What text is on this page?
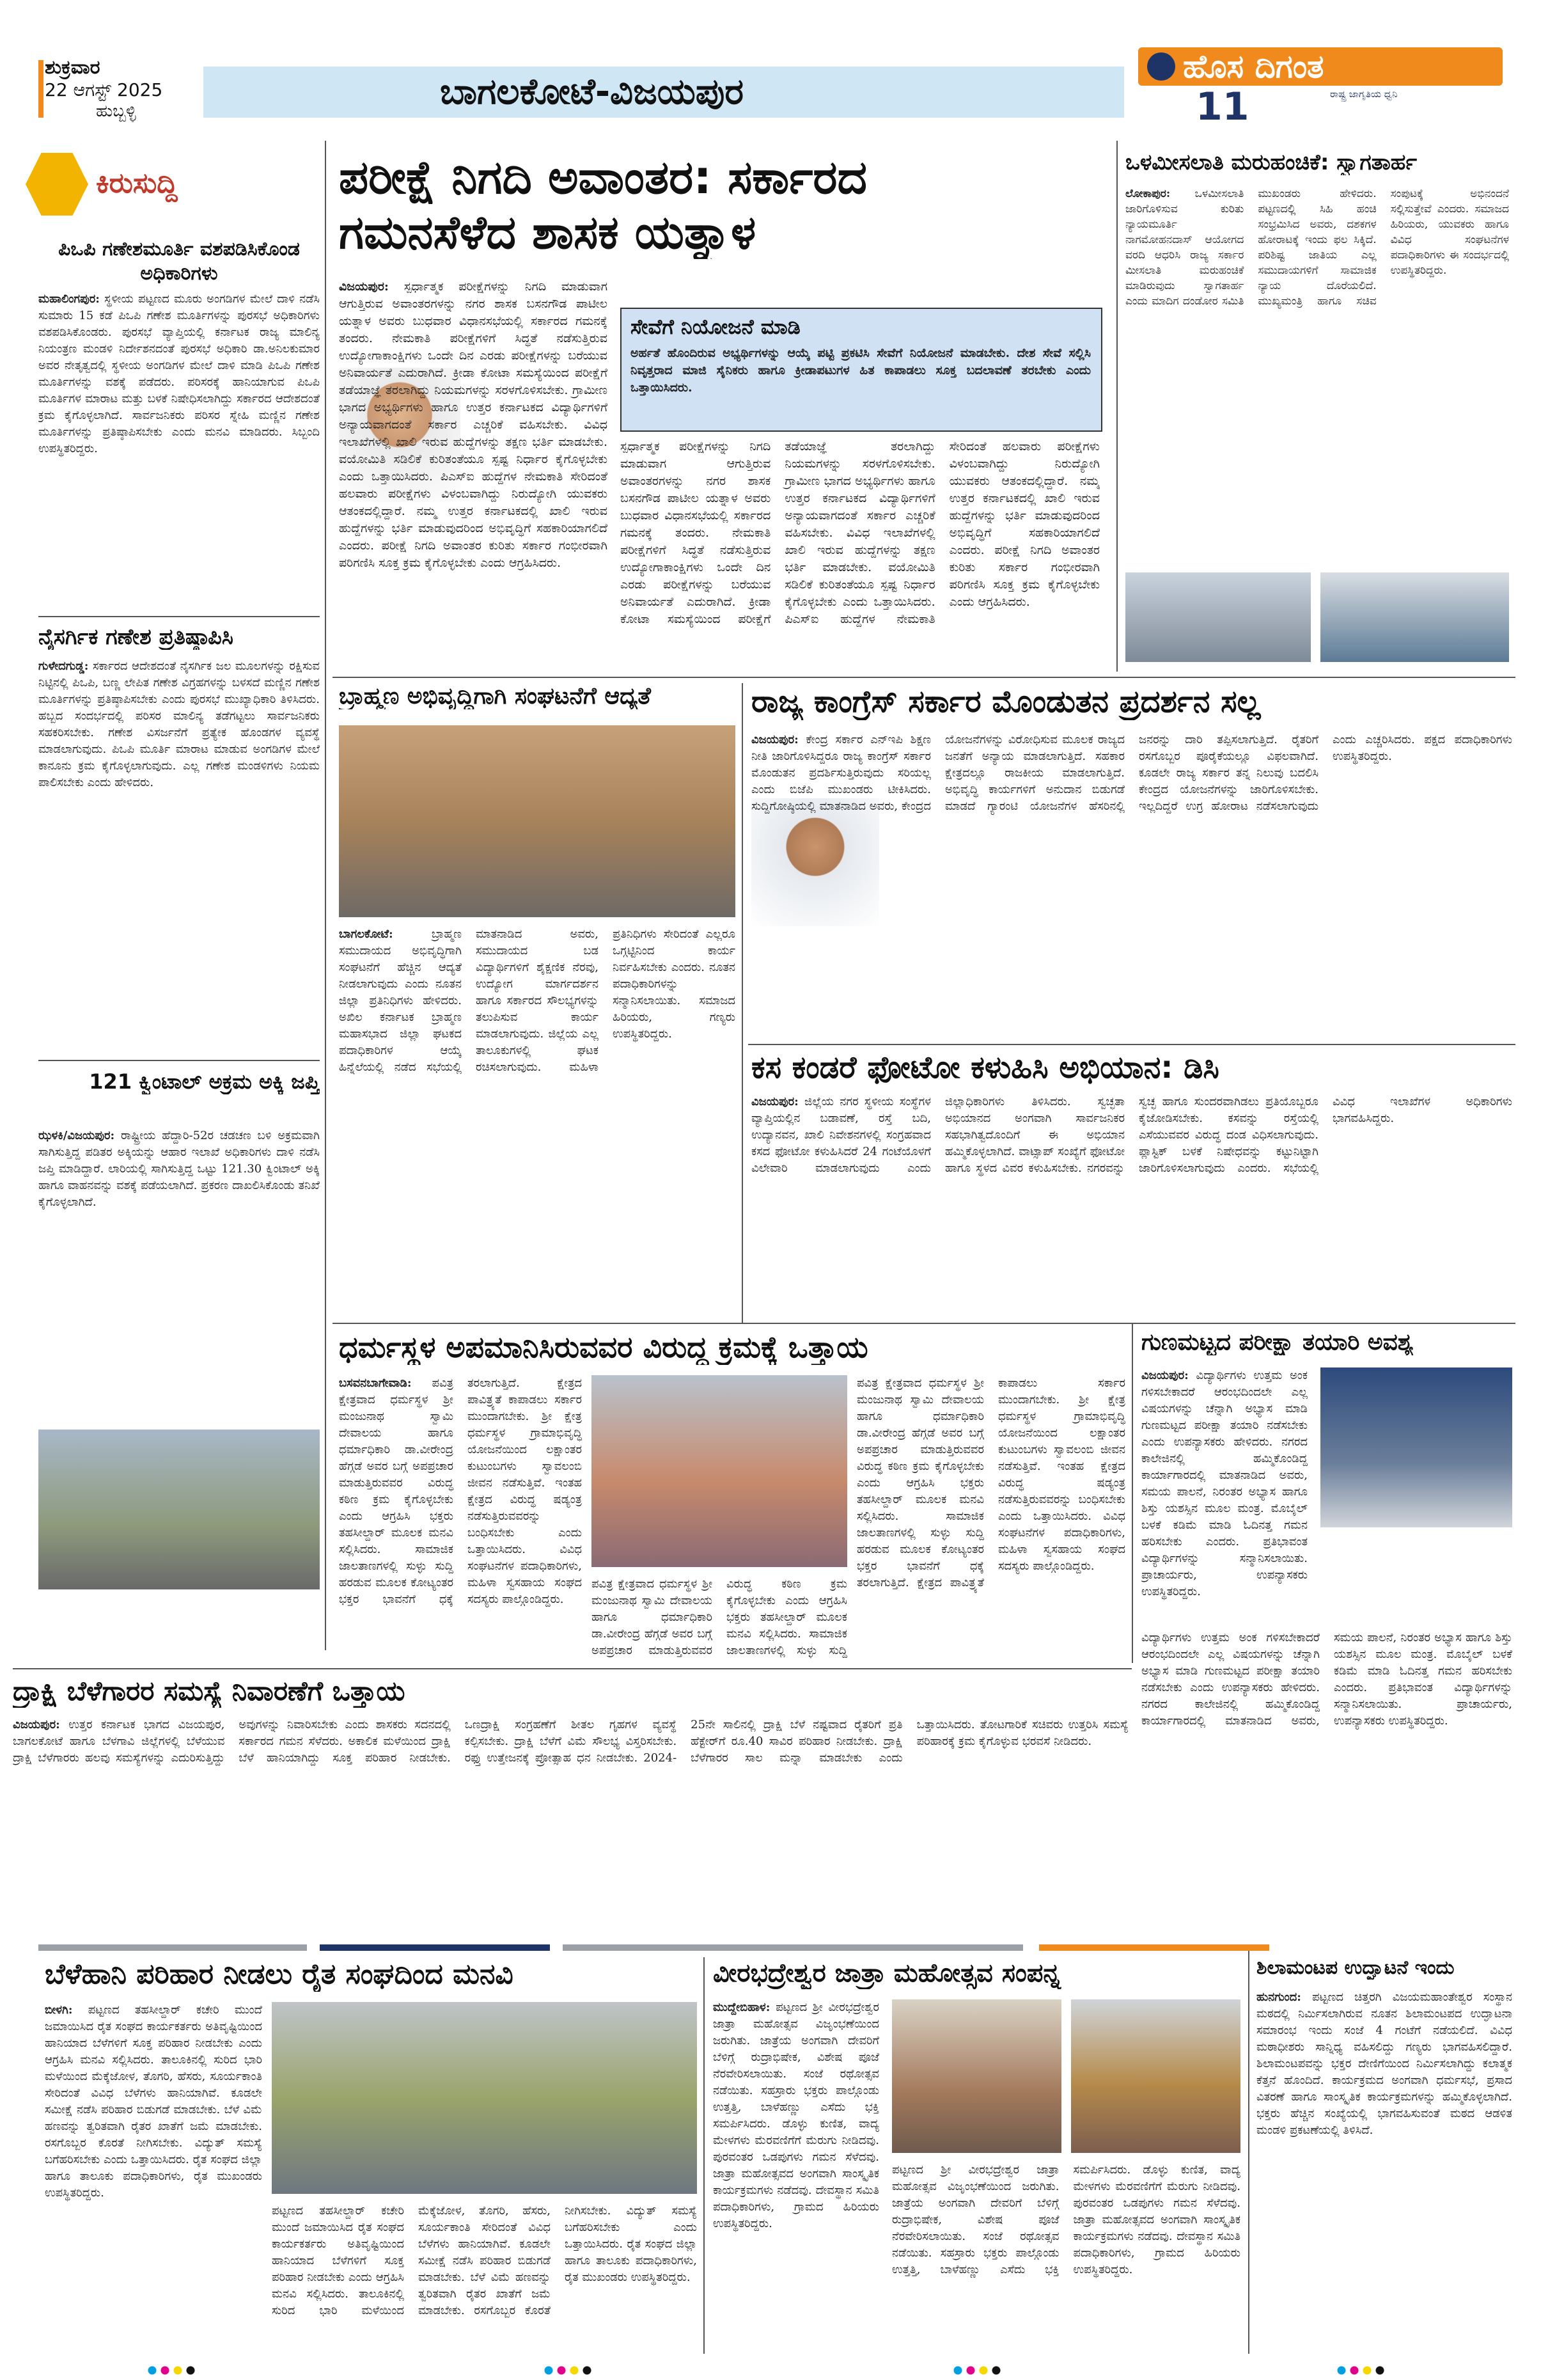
ಶುಕ್ರವಾರ
22 ಆಗಸ್ಟ್ 2025
ಹುಬ್ಬಳ್ಳಿ	ಬಾಗಲಕೋಟೆ-ವಿಜಯಪುರ
ಹೊಸ ದಿಗಂತ
ರಾಷ್ಟ್ರ ಜಾಗೃತಿಯ ಧ್ವನಿ
11
ಕಿರುಸುದ್ದಿ
ಪಿಒಪಿ ಗಣೇಶಮೂರ್ತಿ ವಶಪಡಿಸಿಕೊಂಡ ಅಧಿಕಾರಿಗಳು
ಮಹಾಲಿಂಗಪುರ: ಸ್ಥಳೀಯ ಪಟ್ಟಣದ ಮೂರು ಅಂಗಡಿಗಳ ಮೇಲೆ ದಾಳಿ ನಡೆಸಿ ಸುಮಾರು 15 ಕಡೆ ಪಿಒಪಿ ಗಣೇಶ ಮೂರ್ತಿಗಳನ್ನು ಪುರಸಭೆ ಅಧಿಕಾರಿಗಳು ವಶಪಡಿಸಿಕೊಂಡರು. ಪುರಸಭೆ ವ್ಯಾಪ್ತಿಯಲ್ಲಿ ಕರ್ನಾಟಕ ರಾಜ್ಯ ಮಾಲಿನ್ಯ ನಿಯಂತ್ರಣ ಮಂಡಳಿ ನಿರ್ದೇಶನದಂತೆ ಪುರಸಭೆ ಅಧಿಕಾರಿ ಡಾ.ಅನಿಲಕುಮಾರ ಅವರ ನೇತೃತ್ವದಲ್ಲಿ ಸ್ಥಳೀಯ ಅಂಗಡಿಗಳ ಮೇಲೆ ದಾಳಿ ಮಾಡಿ ಪಿಒಪಿ ಗಣೇಶ ಮೂರ್ತಿಗಳನ್ನು ವಶಕ್ಕೆ ಪಡೆದರು. ಪರಿಸರಕ್ಕೆ ಹಾನಿಯಾಗುವ ಪಿಒಪಿ ಮೂರ್ತಿಗಳ ಮಾರಾಟ ಮತ್ತು ಬಳಕೆ ನಿಷೇಧಿಸಲಾಗಿದ್ದು ಸರ್ಕಾರದ ಆದೇಶದಂತೆ ಕ್ರಮ ಕೈಗೊಳ್ಳಲಾಗಿದೆ. ಸಾರ್ವಜನಿಕರು ಪರಿಸರ ಸ್ನೇಹಿ ಮಣ್ಣಿನ ಗಣೇಶ ಮೂರ್ತಿಗಳನ್ನು ಪ್ರತಿಷ್ಠಾಪಿಸಬೇಕು ಎಂದು ಮನವಿ ಮಾಡಿದರು. ಸಿಬ್ಬಂದಿ ಉಪಸ್ಥಿತರಿದ್ದರು.
ನೈಸರ್ಗಿಕ ಗಣೇಶ ಪ್ರತಿಷ್ಠಾಪಿಸಿ
ಗುಳೇದಗುಡ್ಡ: ಸರ್ಕಾರದ ಆದೇಶದಂತೆ ನೈಸರ್ಗಿಕ ಜಲ ಮೂಲಗಳನ್ನು ರಕ್ಷಿಸುವ ನಿಟ್ಟಿನಲ್ಲಿ ಪಿಒಪಿ, ಬಣ್ಣ ಲೇಪಿತ ಗಣೇಶ ವಿಗ್ರಹಗಳನ್ನು ಬಳಸದೆ ಮಣ್ಣಿನ ಗಣೇಶ ಮೂರ್ತಿಗಳನ್ನು ಪ್ರತಿಷ್ಠಾಪಿಸಬೇಕು ಎಂದು ಪುರಸಭೆ ಮುಖ್ಯಾಧಿಕಾರಿ ತಿಳಿಸಿದರು. ಹಬ್ಬದ ಸಂದರ್ಭದಲ್ಲಿ ಪರಿಸರ ಮಾಲಿನ್ಯ ತಡೆಗಟ್ಟಲು ಸಾರ್ವಜನಿಕರು ಸಹಕರಿಸಬೇಕು. ಗಣೇಶ ವಿಸರ್ಜನೆಗೆ ಪ್ರತ್ಯೇಕ ಹೊಂಡಗಳ ವ್ಯವಸ್ಥೆ ಮಾಡಲಾಗುವುದು. ಪಿಒಪಿ ಮೂರ್ತಿ ಮಾರಾಟ ಮಾಡುವ ಅಂಗಡಿಗಳ ಮೇಲೆ ಕಾನೂನು ಕ್ರಮ ಕೈಗೊಳ್ಳಲಾಗುವುದು. ಎಲ್ಲ ಗಣೇಶ ಮಂಡಳಿಗಳು ನಿಯಮ ಪಾಲಿಸಬೇಕು ಎಂದು ಹೇಳಿದರು.
121 ಕ್ವಿಂಟಾಲ್ ಅಕ್ರಮ ಅಕ್ಕಿ ಜಪ್ತಿ
ಝಳಕಿ/ವಿಜಯಪುರ: ರಾಷ್ಟ್ರೀಯ ಹೆದ್ದಾರಿ-52ರ ಚಡಚಣ ಬಳಿ ಅಕ್ರಮವಾಗಿ ಸಾಗಿಸುತ್ತಿದ್ದ ಪಡಿತರ ಅಕ್ಕಿಯನ್ನು ಆಹಾರ ಇಲಾಖೆ ಅಧಿಕಾರಿಗಳು ದಾಳಿ ನಡೆಸಿ ಜಪ್ತಿ ಮಾಡಿದ್ದಾರೆ. ಲಾರಿಯಲ್ಲಿ ಸಾಗಿಸುತ್ತಿದ್ದ ಒಟ್ಟು 121.30 ಕ್ವಿಂಟಾಲ್ ಅಕ್ಕಿ ಹಾಗೂ ವಾಹನವನ್ನು ವಶಕ್ಕೆ ಪಡೆಯಲಾಗಿದೆ. ಪ್ರಕರಣ ದಾಖಲಿಸಿಕೊಂಡು ತನಿಖೆ ಕೈಗೊಳ್ಳಲಾಗಿದೆ.
ಪರೀಕ್ಷೆ ನಿಗದಿ ಅವಾಂತರ: ಸರ್ಕಾರದ
ಗಮನಸೆಳೆದ ಶಾಸಕ ಯತ್ನಾಳ
ವಿಜಯಪುರ: ಸ್ಪರ್ಧಾತ್ಮಕ ಪರೀಕ್ಷೆಗಳನ್ನು ನಿಗದಿ ಮಾಡುವಾಗ ಆಗುತ್ತಿರುವ ಅವಾಂತರಗಳನ್ನು ನಗರ ಶಾಸಕ ಬಸನಗೌಡ ಪಾಟೀಲ ಯತ್ನಾಳ ಅವರು ಬುಧವಾರ ವಿಧಾನಸಭೆಯಲ್ಲಿ ಸರ್ಕಾರದ ಗಮನಕ್ಕೆ ತಂದರು. ನೇಮಕಾತಿ ಪರೀಕ್ಷೆಗಳಿಗೆ ಸಿದ್ಧತೆ ನಡೆಸುತ್ತಿರುವ ಉದ್ಯೋಗಾಕಾಂಕ್ಷಿಗಳು ಒಂದೇ ದಿನ ಎರಡು ಪರೀಕ್ಷೆಗಳನ್ನು ಬರೆಯುವ ಅನಿವಾರ್ಯತೆ ಎದುರಾಗಿದೆ. ಕ್ರೀಡಾ ಕೋಟಾ ಸಮಸ್ಯೆಯಿಂದ ಪರೀಕ್ಷೆಗೆ ತಡೆಯಾಜ್ಞೆ ತರಲಾಗಿದ್ದು ನಿಯಮಗಳನ್ನು ಸರಳಗೊಳಿಸಬೇಕು. ಗ್ರಾಮೀಣ ಭಾಗದ ಅಭ್ಯರ್ಥಿಗಳು ಹಾಗೂ ಉತ್ತರ ಕರ್ನಾಟಕದ ವಿದ್ಯಾರ್ಥಿಗಳಿಗೆ ಅನ್ಯಾಯವಾಗದಂತೆ ಸರ್ಕಾರ ಎಚ್ಚರಿಕೆ ವಹಿಸಬೇಕು. ವಿವಿಧ ಇಲಾಖೆಗಳಲ್ಲಿ ಖಾಲಿ ಇರುವ ಹುದ್ದೆಗಳನ್ನು ತಕ್ಷಣ ಭರ್ತಿ ಮಾಡಬೇಕು. ವಯೋಮಿತಿ ಸಡಿಲಿಕೆ ಕುರಿತಂತೆಯೂ ಸ್ಪಷ್ಟ ನಿರ್ಧಾರ ಕೈಗೊಳ್ಳಬೇಕು ಎಂದು ಒತ್ತಾಯಿಸಿದರು. ಪಿಎಸ್ಐ ಹುದ್ದೆಗಳ ನೇಮಕಾತಿ ಸೇರಿದಂತೆ ಹಲವಾರು ಪರೀಕ್ಷೆಗಳು ವಿಳಂಬವಾಗಿದ್ದು ನಿರುದ್ಯೋಗಿ ಯುವಕರು ಆತಂಕದಲ್ಲಿದ್ದಾರೆ. ನಮ್ಮ ಉತ್ತರ ಕರ್ನಾಟಕದಲ್ಲಿ ಖಾಲಿ ಇರುವ ಹುದ್ದೆಗಳನ್ನು ಭರ್ತಿ ಮಾಡುವುದರಿಂದ ಅಭಿವೃದ್ಧಿಗೆ ಸಹಕಾರಿಯಾಗಲಿದೆ ಎಂದರು. ಪರೀಕ್ಷೆ ನಿಗದಿ ಅವಾಂತರ ಕುರಿತು ಸರ್ಕಾರ ಗಂಭೀರವಾಗಿ ಪರಿಗಣಿಸಿ ಸೂಕ್ತ ಕ್ರಮ ಕೈಗೊಳ್ಳಬೇಕು ಎಂದು ಆಗ್ರಹಿಸಿದರು.
ಸೇವೆಗೆ ನಿಯೋಜನೆ ಮಾಡಿ
ಅರ್ಹತೆ ಹೊಂದಿರುವ ಅಭ್ಯರ್ಥಿಗಳನ್ನು ಆಯ್ಕೆ ಪಟ್ಟಿ ಪ್ರಕಟಿಸಿ ಸೇವೆಗೆ ನಿಯೋಜನೆ ಮಾಡಬೇಕು. ದೇಶ ಸೇವೆ ಸಲ್ಲಿಸಿ ನಿವೃತ್ತರಾದ ಮಾಜಿ ಸೈನಿಕರು ಹಾಗೂ ಕ್ರೀಡಾಪಟುಗಳ ಹಿತ ಕಾಪಾಡಲು ಸೂಕ್ತ ಬದಲಾವಣೆ ತರಬೇಕು ಎಂದು ಒತ್ತಾಯಿಸಿದರು.
ಸ್ಪರ್ಧಾತ್ಮಕ ಪರೀಕ್ಷೆಗಳನ್ನು ನಿಗದಿ ಮಾಡುವಾಗ ಆಗುತ್ತಿರುವ ಅವಾಂತರಗಳನ್ನು ನಗರ ಶಾಸಕ ಬಸನಗೌಡ ಪಾಟೀಲ ಯತ್ನಾಳ ಅವರು ಬುಧವಾರ ವಿಧಾನಸಭೆಯಲ್ಲಿ ಸರ್ಕಾರದ ಗಮನಕ್ಕೆ ತಂದರು. ನೇಮಕಾತಿ ಪರೀಕ್ಷೆಗಳಿಗೆ ಸಿದ್ಧತೆ ನಡೆಸುತ್ತಿರುವ ಉದ್ಯೋಗಾಕಾಂಕ್ಷಿಗಳು ಒಂದೇ ದಿನ ಎರಡು ಪರೀಕ್ಷೆಗಳನ್ನು ಬರೆಯುವ ಅನಿವಾರ್ಯತೆ ಎದುರಾಗಿದೆ. ಕ್ರೀಡಾ ಕೋಟಾ ಸಮಸ್ಯೆಯಿಂದ ಪರೀಕ್ಷೆಗೆ ತಡೆಯಾಜ್ಞೆ ತರಲಾಗಿದ್ದು ನಿಯಮಗಳನ್ನು ಸರಳಗೊಳಿಸಬೇಕು. ಗ್ರಾಮೀಣ ಭಾಗದ ಅಭ್ಯರ್ಥಿಗಳು ಹಾಗೂ ಉತ್ತರ ಕರ್ನಾಟಕದ ವಿದ್ಯಾರ್ಥಿಗಳಿಗೆ ಅನ್ಯಾಯವಾಗದಂತೆ ಸರ್ಕಾರ ಎಚ್ಚರಿಕೆ ವಹಿಸಬೇಕು. ವಿವಿಧ ಇಲಾಖೆಗಳಲ್ಲಿ ಖಾಲಿ ಇರುವ ಹುದ್ದೆಗಳನ್ನು ತಕ್ಷಣ ಭರ್ತಿ ಮಾಡಬೇಕು. ವಯೋಮಿತಿ ಸಡಿಲಿಕೆ ಕುರಿತಂತೆಯೂ ಸ್ಪಷ್ಟ ನಿರ್ಧಾರ ಕೈಗೊಳ್ಳಬೇಕು ಎಂದು ಒತ್ತಾಯಿಸಿದರು. ಪಿಎಸ್ಐ ಹುದ್ದೆಗಳ ನೇಮಕಾತಿ ಸೇರಿದಂತೆ ಹಲವಾರು ಪರೀಕ್ಷೆಗಳು ವಿಳಂಬವಾಗಿದ್ದು ನಿರುದ್ಯೋಗಿ ಯುವಕರು ಆತಂಕದಲ್ಲಿದ್ದಾರೆ. ನಮ್ಮ ಉತ್ತರ ಕರ್ನಾಟಕದಲ್ಲಿ ಖಾಲಿ ಇರುವ ಹುದ್ದೆಗಳನ್ನು ಭರ್ತಿ ಮಾಡುವುದರಿಂದ ಅಭಿವೃದ್ಧಿಗೆ ಸಹಕಾರಿಯಾಗಲಿದೆ ಎಂದರು. ಪರೀಕ್ಷೆ ನಿಗದಿ ಅವಾಂತರ ಕುರಿತು ಸರ್ಕಾರ ಗಂಭೀರವಾಗಿ ಪರಿಗಣಿಸಿ ಸೂಕ್ತ ಕ್ರಮ ಕೈಗೊಳ್ಳಬೇಕು ಎಂದು ಆಗ್ರಹಿಸಿದರು.
ಒಳಮೀಸಲಾತಿ ಮರುಹಂಚಿಕೆ: ಸ್ವಾಗತಾರ್ಹ
ಲೋಕಾಪುರ: ಒಳಮೀಸಲಾತಿ ಜಾರಿಗೊಳಿಸುವ ಕುರಿತು ನ್ಯಾಯಮೂರ್ತಿ ನಾಗಮೋಹನದಾಸ್ ಆಯೋಗದ ವರದಿ ಆಧರಿಸಿ ರಾಜ್ಯ ಸರ್ಕಾರ ಮೀಸಲಾತಿ ಮರುಹಂಚಿಕೆ ಮಾಡಿರುವುದು ಸ್ವಾಗತಾರ್ಹ ಎಂದು ಮಾದಿಗ ದಂಡೋರ ಸಮಿತಿ ಮುಖಂಡರು ಹೇಳಿದರು. ಪಟ್ಟಣದಲ್ಲಿ ಸಿಹಿ ಹಂಚಿ ಸಂಭ್ರಮಿಸಿದ ಅವರು, ದಶಕಗಳ ಹೋರಾಟಕ್ಕೆ ಇಂದು ಫಲ ಸಿಕ್ಕಿದೆ. ಪರಿಶಿಷ್ಟ ಜಾತಿಯ ಎಲ್ಲ ಸಮುದಾಯಗಳಿಗೆ ಸಾಮಾಜಿಕ ನ್ಯಾಯ ದೊರೆಯಲಿದೆ. ಮುಖ್ಯಮಂತ್ರಿ ಹಾಗೂ ಸಚಿವ ಸಂಪುಟಕ್ಕೆ ಅಭಿನಂದನೆ ಸಲ್ಲಿಸುತ್ತೇವೆ ಎಂದರು. ಸಮಾಜದ ಹಿರಿಯರು, ಯುವಕರು ಹಾಗೂ ವಿವಿಧ ಸಂಘಟನೆಗಳ ಪದಾಧಿಕಾರಿಗಳು ಈ ಸಂದರ್ಭದಲ್ಲಿ ಉಪಸ್ಥಿತರಿದ್ದರು.
ಬ್ರಾಹ್ಮಣ ಅಭಿವೃದ್ಧಿಗಾಗಿ ಸಂಘಟನೆಗೆ ಆದ್ಯತೆ
ಬಾಗಲಕೋಟೆ:	ಬ್ರಾಹ್ಮಣ ಸಮುದಾಯದ ಅಭಿವೃದ್ಧಿಗಾಗಿ ಸಂಘಟನೆಗೆ ಹೆಚ್ಚಿನ ಆದ್ಯತೆ ನೀಡಲಾಗುವುದು ಎಂದು ನೂತನ ಜಿಲ್ಲಾ ಪ್ರತಿನಿಧಿಗಳು ಹೇಳಿದರು. ಅಖಿಲ ಕರ್ನಾಟಕ ಬ್ರಾಹ್ಮಣ ಮಹಾಸಭಾದ ಜಿಲ್ಲಾ ಘಟಕದ ಪದಾಧಿಕಾರಿಗಳ ಆಯ್ಕೆ ಹಿನ್ನೆಲೆಯಲ್ಲಿ ನಡೆದ ಸಭೆಯಲ್ಲಿ ಮಾತನಾಡಿದ ಅವರು, ಸಮುದಾಯದ ಬಡ ವಿದ್ಯಾರ್ಥಿಗಳಿಗೆ ಶೈಕ್ಷಣಿಕ ನೆರವು, ಉದ್ಯೋಗ ಮಾರ್ಗದರ್ಶನ ಹಾಗೂ ಸರ್ಕಾರದ ಸೌಲಭ್ಯಗಳನ್ನು ತಲುಪಿಸುವ ಕಾರ್ಯ ಮಾಡಲಾಗುವುದು. ಜಿಲ್ಲೆಯ ಎಲ್ಲ ತಾಲೂಕುಗಳಲ್ಲಿ ಘಟಕ ರಚಿಸಲಾಗುವುದು. ಮಹಿಳಾ ಪ್ರತಿನಿಧಿಗಳು ಸೇರಿದಂತೆ ಎಲ್ಲರೂ ಒಗ್ಗಟ್ಟಿನಿಂದ ಕಾರ್ಯ ನಿರ್ವಹಿಸಬೇಕು ಎಂದರು. ನೂತನ ಪದಾಧಿಕಾರಿಗಳನ್ನು ಸನ್ಮಾನಿಸಲಾಯಿತು. ಸಮಾಜದ ಹಿರಿಯರು, ಗಣ್ಯರು ಉಪಸ್ಥಿತರಿದ್ದರು.
ರಾಜ್ಯ ಕಾಂಗ್ರೆಸ್ ಸರ್ಕಾರ ಮೊಂಡುತನ ಪ್ರದರ್ಶನ ಸಲ್ಲ
ವಿಜಯಪುರ: ಕೇಂದ್ರ ಸರ್ಕಾರ ಎನ್ಇಪಿ ಶಿಕ್ಷಣ ನೀತಿ ಜಾರಿಗೊಳಿಸಿದ್ದರೂ ರಾಜ್ಯ ಕಾಂಗ್ರೆಸ್ ಸರ್ಕಾರ ಮೊಂಡುತನ ಪ್ರದರ್ಶಿಸುತ್ತಿರುವುದು ಸರಿಯಲ್ಲ ಎಂದು ಬಿಜೆಪಿ ಮುಖಂಡರು ಟೀಕಿಸಿದರು. ಸುದ್ದಿಗೋಷ್ಠಿಯಲ್ಲಿ ಮಾತನಾಡಿದ ಅವರು, ಕೇಂದ್ರದ ಯೋಜನೆಗಳನ್ನು ವಿರೋಧಿಸುವ ಮೂಲಕ ರಾಜ್ಯದ ಜನತೆಗೆ ಅನ್ಯಾಯ ಮಾಡಲಾಗುತ್ತಿದೆ. ಸಹಕಾರ ಕ್ಷೇತ್ರದಲ್ಲೂ ರಾಜಕೀಯ ಮಾಡಲಾಗುತ್ತಿದೆ. ಅಭಿವೃದ್ಧಿ ಕಾರ್ಯಗಳಿಗೆ ಅನುದಾನ ಬಿಡುಗಡೆ ಮಾಡದೆ ಗ್ಯಾರಂಟಿ ಯೋಜನೆಗಳ ಹೆಸರಿನಲ್ಲಿ ಜನರನ್ನು ದಾರಿ ತಪ್ಪಿಸಲಾಗುತ್ತಿದೆ. ರೈತರಿಗೆ ರಸಗೊಬ್ಬರ ಪೂರೈಕೆಯಲ್ಲೂ ವಿಫಲವಾಗಿದೆ. ಕೂಡಲೇ ರಾಜ್ಯ ಸರ್ಕಾರ ತನ್ನ ನಿಲುವು ಬದಲಿಸಿ ಕೇಂದ್ರದ ಯೋಜನೆಗಳನ್ನು ಜಾರಿಗೊಳಿಸಬೇಕು. ಇಲ್ಲದಿದ್ದರೆ ಉಗ್ರ ಹೋರಾಟ ನಡೆಸಲಾಗುವುದು ಎಂದು ಎಚ್ಚರಿಸಿದರು. ಪಕ್ಷದ ಪದಾಧಿಕಾರಿಗಳು ಉಪಸ್ಥಿತರಿದ್ದರು.
ಕಸ ಕಂಡರೆ ಫೋಟೋ ಕಳುಹಿಸಿ ಅಭಿಯಾನ: ಡಿಸಿ
ವಿಜಯಪುರ: ಜಿಲ್ಲೆಯ ನಗರ ಸ್ಥಳೀಯ ಸಂಸ್ಥೆಗಳ ವ್ಯಾಪ್ತಿಯಲ್ಲಿನ ಬಡಾವಣೆ, ರಸ್ತೆ ಬದಿ, ಉದ್ಯಾನವನ, ಖಾಲಿ ನಿವೇಶನಗಳಲ್ಲಿ ಸಂಗ್ರಹವಾದ ಕಸದ ಫೋಟೋ ಕಳುಹಿಸಿದರೆ 24 ಗಂಟೆಯೊಳಗೆ ವಿಲೇವಾರಿ ಮಾಡಲಾಗುವುದು ಎಂದು ಜಿಲ್ಲಾಧಿಕಾರಿಗಳು ತಿಳಿಸಿದರು. ಸ್ವಚ್ಛತಾ ಅಭಿಯಾನದ ಅಂಗವಾಗಿ ಸಾರ್ವಜನಿಕರ ಸಹಭಾಗಿತ್ವದೊಂದಿಗೆ ಈ ಅಭಿಯಾನ ಹಮ್ಮಿಕೊಳ್ಳಲಾಗಿದೆ. ವಾಟ್ಸಾಪ್ ಸಂಖ್ಯೆಗೆ ಫೋಟೋ ಹಾಗೂ ಸ್ಥಳದ ವಿವರ ಕಳುಹಿಸಬೇಕು. ನಗರವನ್ನು ಸ್ವಚ್ಛ ಹಾಗೂ ಸುಂದರವಾಗಿಡಲು ಪ್ರತಿಯೊಬ್ಬರೂ ಕೈಜೋಡಿಸಬೇಕು. ಕಸವನ್ನು ರಸ್ತೆಯಲ್ಲಿ ಎಸೆಯುವವರ ವಿರುದ್ಧ ದಂಡ ವಿಧಿಸಲಾಗುವುದು. ಪ್ಲಾಸ್ಟಿಕ್ ಬಳಕೆ ನಿಷೇಧವನ್ನು ಕಟ್ಟುನಿಟ್ಟಾಗಿ ಜಾರಿಗೊಳಿಸಲಾಗುವುದು ಎಂದರು. ಸಭೆಯಲ್ಲಿ ವಿವಿಧ ಇಲಾಖೆಗಳ ಅಧಿಕಾರಿಗಳು ಭಾಗವಹಿಸಿದ್ದರು.
ಧರ್ಮಸ್ಥಳ ಅಪಮಾನಿಸಿರುವವರ ವಿರುದ್ಧ ಕ್ರಮಕ್ಕೆ ಒತ್ತಾಯ
ಬಸವನಬಾಗೇವಾಡಿ: ಪವಿತ್ರ ಕ್ಷೇತ್ರವಾದ ಧರ್ಮಸ್ಥಳ ಶ್ರೀ ಮಂಜುನಾಥ ಸ್ವಾಮಿ ದೇವಾಲಯ ಹಾಗೂ ಧರ್ಮಾಧಿಕಾರಿ ಡಾ.ವೀರೇಂದ್ರ ಹೆಗ್ಗಡೆ ಅವರ ಬಗ್ಗೆ ಅಪಪ್ರಚಾರ ಮಾಡುತ್ತಿರುವವರ ವಿರುದ್ಧ ಕಠಿಣ ಕ್ರಮ ಕೈಗೊಳ್ಳಬೇಕು ಎಂದು ಆಗ್ರಹಿಸಿ ಭಕ್ತರು ತಹಸೀಲ್ದಾರ್ ಮೂಲಕ ಮನವಿ ಸಲ್ಲಿಸಿದರು. ಸಾಮಾಜಿಕ ಜಾಲತಾಣಗಳಲ್ಲಿ ಸುಳ್ಳು ಸುದ್ದಿ ಹರಡುವ ಮೂಲಕ ಕೋಟ್ಯಂತರ ಭಕ್ತರ ಭಾವನೆಗೆ ಧಕ್ಕೆ ತರಲಾಗುತ್ತಿದೆ. ಕ್ಷೇತ್ರದ ಪಾವಿತ್ರ್ಯತೆ ಕಾಪಾಡಲು ಸರ್ಕಾರ ಮುಂದಾಗಬೇಕು. ಶ್ರೀ ಕ್ಷೇತ್ರ ಧರ್ಮಸ್ಥಳ ಗ್ರಾಮಾಭಿವೃದ್ಧಿ ಯೋಜನೆಯಿಂದ ಲಕ್ಷಾಂತರ ಕುಟುಂಬಗಳು ಸ್ವಾವಲಂಬಿ ಜೀವನ ನಡೆಸುತ್ತಿವೆ. ಇಂತಹ ಕ್ಷೇತ್ರದ ವಿರುದ್ಧ ಷಡ್ಯಂತ್ರ ನಡೆಸುತ್ತಿರುವವರನ್ನು ಬಂಧಿಸಬೇಕು ಎಂದು ಒತ್ತಾಯಿಸಿದರು. ವಿವಿಧ ಸಂಘಟನೆಗಳ ಪದಾಧಿಕಾರಿಗಳು, ಮಹಿಳಾ ಸ್ವಸಹಾಯ ಸಂಘದ ಸದಸ್ಯರು ಪಾಲ್ಗೊಂಡಿದ್ದರು.
ಪವಿತ್ರ ಕ್ಷೇತ್ರವಾದ ಧರ್ಮಸ್ಥಳ ಶ್ರೀ ಮಂಜುನಾಥ ಸ್ವಾಮಿ ದೇವಾಲಯ ಹಾಗೂ ಧರ್ಮಾಧಿಕಾರಿ ಡಾ.ವೀರೇಂದ್ರ ಹೆಗ್ಗಡೆ ಅವರ ಬಗ್ಗೆ ಅಪಪ್ರಚಾರ ಮಾಡುತ್ತಿರುವವರ ವಿರುದ್ಧ ಕಠಿಣ ಕ್ರಮ ಕೈಗೊಳ್ಳಬೇಕು ಎಂದು ಆಗ್ರಹಿಸಿ ಭಕ್ತರು ತಹಸೀಲ್ದಾರ್ ಮೂಲಕ ಮನವಿ ಸಲ್ಲಿಸಿದರು. ಸಾಮಾಜಿಕ ಜಾಲತಾಣಗಳಲ್ಲಿ ಸುಳ್ಳು ಸುದ್ದಿ
ಪವಿತ್ರ ಕ್ಷೇತ್ರವಾದ ಧರ್ಮಸ್ಥಳ ಶ್ರೀ ಮಂಜುನಾಥ ಸ್ವಾಮಿ ದೇವಾಲಯ ಹಾಗೂ ಧರ್ಮಾಧಿಕಾರಿ ಡಾ.ವೀರೇಂದ್ರ ಹೆಗ್ಗಡೆ ಅವರ ಬಗ್ಗೆ ಅಪಪ್ರಚಾರ ಮಾಡುತ್ತಿರುವವರ ವಿರುದ್ಧ ಕಠಿಣ ಕ್ರಮ ಕೈಗೊಳ್ಳಬೇಕು ಎಂದು ಆಗ್ರಹಿಸಿ ಭಕ್ತರು ತಹಸೀಲ್ದಾರ್ ಮೂಲಕ ಮನವಿ ಸಲ್ಲಿಸಿದರು. ಸಾಮಾಜಿಕ ಜಾಲತಾಣಗಳಲ್ಲಿ ಸುಳ್ಳು ಸುದ್ದಿ ಹರಡುವ ಮೂಲಕ ಕೋಟ್ಯಂತರ ಭಕ್ತರ ಭಾವನೆಗೆ ಧಕ್ಕೆ ತರಲಾಗುತ್ತಿದೆ. ಕ್ಷೇತ್ರದ ಪಾವಿತ್ರ್ಯತೆ ಕಾಪಾಡಲು ಸರ್ಕಾರ ಮುಂದಾಗಬೇಕು. ಶ್ರೀ ಕ್ಷೇತ್ರ ಧರ್ಮಸ್ಥಳ ಗ್ರಾಮಾಭಿವೃದ್ಧಿ ಯೋಜನೆಯಿಂದ ಲಕ್ಷಾಂತರ ಕುಟುಂಬಗಳು ಸ್ವಾವಲಂಬಿ ಜೀವನ ನಡೆಸುತ್ತಿವೆ. ಇಂತಹ ಕ್ಷೇತ್ರದ ವಿರುದ್ಧ ಷಡ್ಯಂತ್ರ ನಡೆಸುತ್ತಿರುವವರನ್ನು ಬಂಧಿಸಬೇಕು ಎಂದು ಒತ್ತಾಯಿಸಿದರು. ವಿವಿಧ ಸಂಘಟನೆಗಳ ಪದಾಧಿಕಾರಿಗಳು, ಮಹಿಳಾ ಸ್ವಸಹಾಯ ಸಂಘದ ಸದಸ್ಯರು ಪಾಲ್ಗೊಂಡಿದ್ದರು.
ಗುಣಮಟ್ಟದ ಪರೀಕ್ಷಾ ತಯಾರಿ ಅವಶ್ಯ
ವಿಜಯಪುರ: ವಿದ್ಯಾರ್ಥಿಗಳು ಉತ್ತಮ ಅಂಕ ಗಳಿಸಬೇಕಾದರೆ ಆರಂಭದಿಂದಲೇ ಎಲ್ಲ ವಿಷಯಗಳನ್ನು ಚೆನ್ನಾಗಿ ಅಭ್ಯಾಸ ಮಾಡಿ ಗುಣಮಟ್ಟದ ಪರೀಕ್ಷಾ ತಯಾರಿ ನಡೆಸಬೇಕು ಎಂದು ಉಪನ್ಯಾಸಕರು ಹೇಳಿದರು. ನಗರದ ಕಾಲೇಜಿನಲ್ಲಿ ಹಮ್ಮಿಕೊಂಡಿದ್ದ ಕಾರ್ಯಾಗಾರದಲ್ಲಿ ಮಾತನಾಡಿದ ಅವರು, ಸಮಯ ಪಾಲನೆ, ನಿರಂತರ ಅಭ್ಯಾಸ ಹಾಗೂ ಶಿಸ್ತು ಯಶಸ್ಸಿನ ಮೂಲ ಮಂತ್ರ. ಮೊಬೈಲ್ ಬಳಕೆ ಕಡಿಮೆ ಮಾಡಿ ಓದಿನತ್ತ ಗಮನ ಹರಿಸಬೇಕು ಎಂದರು. ಪ್ರತಿಭಾವಂತ ವಿದ್ಯಾರ್ಥಿಗಳನ್ನು ಸನ್ಮಾನಿಸಲಾಯಿತು. ಪ್ರಾಚಾರ್ಯರು, ಉಪನ್ಯಾಸಕರು ಉಪಸ್ಥಿತರಿದ್ದರು.
ವಿದ್ಯಾರ್ಥಿಗಳು ಉತ್ತಮ ಅಂಕ ಗಳಿಸಬೇಕಾದರೆ ಆರಂಭದಿಂದಲೇ ಎಲ್ಲ ವಿಷಯಗಳನ್ನು ಚೆನ್ನಾಗಿ ಅಭ್ಯಾಸ ಮಾಡಿ ಗುಣಮಟ್ಟದ ಪರೀಕ್ಷಾ ತಯಾರಿ ನಡೆಸಬೇಕು ಎಂದು ಉಪನ್ಯಾಸಕರು ಹೇಳಿದರು. ನಗರದ ಕಾಲೇಜಿನಲ್ಲಿ ಹಮ್ಮಿಕೊಂಡಿದ್ದ ಕಾರ್ಯಾಗಾರದಲ್ಲಿ ಮಾತನಾಡಿದ ಅವರು, ಸಮಯ ಪಾಲನೆ, ನಿರಂತರ ಅಭ್ಯಾಸ ಹಾಗೂ ಶಿಸ್ತು ಯಶಸ್ಸಿನ ಮೂಲ ಮಂತ್ರ. ಮೊಬೈಲ್ ಬಳಕೆ ಕಡಿಮೆ ಮಾಡಿ ಓದಿನತ್ತ ಗಮನ ಹರಿಸಬೇಕು ಎಂದರು. ಪ್ರತಿಭಾವಂತ ವಿದ್ಯಾರ್ಥಿಗಳನ್ನು ಸನ್ಮಾನಿಸಲಾಯಿತು. ಪ್ರಾಚಾರ್ಯರು, ಉಪನ್ಯಾಸಕರು ಉಪಸ್ಥಿತರಿದ್ದರು.
ದ್ರಾಕ್ಷಿ ಬೆಳೆಗಾರರ ಸಮಸ್ಯೆ ನಿವಾರಣೆಗೆ ಒತ್ತಾಯ
ವಿಜಯಪುರ: ಉತ್ತರ ಕರ್ನಾಟಕ ಭಾಗದ ವಿಜಯಪುರ, ಬಾಗಲಕೋಟೆ ಹಾಗೂ ಬೆಳಗಾವಿ ಜಿಲ್ಲೆಗಳಲ್ಲಿ ಬೆಳೆಯುವ ದ್ರಾಕ್ಷಿ ಬೆಳೆಗಾರರು ಹಲವು ಸಮಸ್ಯೆಗಳನ್ನು ಎದುರಿಸುತ್ತಿದ್ದು ಅವುಗಳನ್ನು ನಿವಾರಿಸಬೇಕು ಎಂದು ಶಾಸಕರು ಸದನದಲ್ಲಿ ಸರ್ಕಾರದ ಗಮನ ಸೆಳೆದರು. ಅಕಾಲಿಕ ಮಳೆಯಿಂದ ದ್ರಾಕ್ಷಿ ಬೆಳೆ ಹಾನಿಯಾಗಿದ್ದು ಸೂಕ್ತ ಪರಿಹಾರ ನೀಡಬೇಕು. ಒಣದ್ರಾಕ್ಷಿ ಸಂಗ್ರಹಣೆಗೆ ಶೀತಲ ಗೃಹಗಳ ವ್ಯವಸ್ಥೆ ಕಲ್ಪಿಸಬೇಕು. ದ್ರಾಕ್ಷಿ ಬೆಳೆಗೆ ವಿಮೆ ಸೌಲಭ್ಯ ವಿಸ್ತರಿಸಬೇಕು. ರಫ್ತು ಉತ್ತೇಜನಕ್ಕೆ ಪ್ರೋತ್ಸಾಹ ಧನ ನೀಡಬೇಕು. 2024-25ನೇ ಸಾಲಿನಲ್ಲಿ ದ್ರಾಕ್ಷಿ ಬೆಳೆ ನಷ್ಟವಾದ ರೈತರಿಗೆ ಪ್ರತಿ ಹೆಕ್ಟೇರ್‌ಗೆ ರೂ.40 ಸಾವಿರ ಪರಿಹಾರ ನೀಡಬೇಕು. ದ್ರಾಕ್ಷಿ ಬೆಳೆಗಾರರ ಸಾಲ ಮನ್ನಾ ಮಾಡಬೇಕು ಎಂದು ಒತ್ತಾಯಿಸಿದರು. ತೋಟಗಾರಿಕೆ ಸಚಿವರು ಉತ್ತರಿಸಿ ಸಮಸ್ಯೆ ಪರಿಹಾರಕ್ಕೆ ಕ್ರಮ ಕೈಗೊಳ್ಳುವ ಭರವಸೆ ನೀಡಿದರು.
ಬೆಳೆಹಾನಿ ಪರಿಹಾರ ನೀಡಲು ರೈತ ಸಂಘದಿಂದ ಮನವಿ
ಬೀಳಗಿ: ಪಟ್ಟಣದ ತಹಸೀಲ್ದಾರ್ ಕಚೇರಿ ಮುಂದೆ ಜಮಾಯಿಸಿದ ರೈತ ಸಂಘದ ಕಾರ್ಯಕರ್ತರು ಅತಿವೃಷ್ಟಿಯಿಂದ ಹಾನಿಯಾದ ಬೆಳೆಗಳಿಗೆ ಸೂಕ್ತ ಪರಿಹಾರ ನೀಡಬೇಕು ಎಂದು ಆಗ್ರಹಿಸಿ ಮನವಿ ಸಲ್ಲಿಸಿದರು. ತಾಲೂಕಿನಲ್ಲಿ ಸುರಿದ ಭಾರಿ ಮಳೆಯಿಂದ ಮೆಕ್ಕೆಜೋಳ, ತೊಗರಿ, ಹೆಸರು, ಸೂರ್ಯಕಾಂತಿ ಸೇರಿದಂತೆ ವಿವಿಧ ಬೆಳೆಗಳು ಹಾನಿಯಾಗಿವೆ. ಕೂಡಲೇ ಸಮೀಕ್ಷೆ ನಡೆಸಿ ಪರಿಹಾರ ಬಿಡುಗಡೆ ಮಾಡಬೇಕು. ಬೆಳೆ ವಿಮೆ ಹಣವನ್ನು ತ್ವರಿತವಾಗಿ ರೈತರ ಖಾತೆಗೆ ಜಮೆ ಮಾಡಬೇಕು. ರಸಗೊಬ್ಬರ ಕೊರತೆ ನೀಗಿಸಬೇಕು. ವಿದ್ಯುತ್ ಸಮಸ್ಯೆ ಬಗೆಹರಿಸಬೇಕು ಎಂದು ಒತ್ತಾಯಿಸಿದರು. ರೈತ ಸಂಘದ ಜಿಲ್ಲಾ ಹಾಗೂ ತಾಲೂಕು ಪದಾಧಿಕಾರಿಗಳು, ರೈತ ಮುಖಂಡರು ಉಪಸ್ಥಿತರಿದ್ದರು.
ಪಟ್ಟಣದ ತಹಸೀಲ್ದಾರ್ ಕಚೇರಿ ಮುಂದೆ ಜಮಾಯಿಸಿದ ರೈತ ಸಂಘದ ಕಾರ್ಯಕರ್ತರು ಅತಿವೃಷ್ಟಿಯಿಂದ ಹಾನಿಯಾದ ಬೆಳೆಗಳಿಗೆ ಸೂಕ್ತ ಪರಿಹಾರ ನೀಡಬೇಕು ಎಂದು ಆಗ್ರಹಿಸಿ ಮನವಿ ಸಲ್ಲಿಸಿದರು. ತಾಲೂಕಿನಲ್ಲಿ ಸುರಿದ ಭಾರಿ ಮಳೆಯಿಂದ ಮೆಕ್ಕೆಜೋಳ, ತೊಗರಿ, ಹೆಸರು, ಸೂರ್ಯಕಾಂತಿ ಸೇರಿದಂತೆ ವಿವಿಧ ಬೆಳೆಗಳು ಹಾನಿಯಾಗಿವೆ. ಕೂಡಲೇ ಸಮೀಕ್ಷೆ ನಡೆಸಿ ಪರಿಹಾರ ಬಿಡುಗಡೆ ಮಾಡಬೇಕು. ಬೆಳೆ ವಿಮೆ ಹಣವನ್ನು ತ್ವರಿತವಾಗಿ ರೈತರ ಖಾತೆಗೆ ಜಮೆ ಮಾಡಬೇಕು. ರಸಗೊಬ್ಬರ ಕೊರತೆ ನೀಗಿಸಬೇಕು. ವಿದ್ಯುತ್ ಸಮಸ್ಯೆ ಬಗೆಹರಿಸಬೇಕು ಎಂದು ಒತ್ತಾಯಿಸಿದರು. ರೈತ ಸಂಘದ ಜಿಲ್ಲಾ ಹಾಗೂ ತಾಲೂಕು ಪದಾಧಿಕಾರಿಗಳು, ರೈತ ಮುಖಂಡರು ಉಪಸ್ಥಿತರಿದ್ದರು.
ವೀರಭದ್ರೇಶ್ವರ ಜಾತ್ರಾ ಮಹೋತ್ಸವ ಸಂಪನ್ನ
ಮುದ್ದೇಬಿಹಾಳ: ಪಟ್ಟಣದ ಶ್ರೀ ವೀರಭದ್ರೇಶ್ವರ ಜಾತ್ರಾ ಮಹೋತ್ಸವ ವಿಜೃಂಭಣೆಯಿಂದ ಜರುಗಿತು. ಜಾತ್ರೆಯ ಅಂಗವಾಗಿ ದೇವರಿಗೆ ಬೆಳಿಗ್ಗೆ ರುದ್ರಾಭಿಷೇಕ, ವಿಶೇಷ ಪೂಜೆ ನೆರವೇರಿಸಲಾಯಿತು. ಸಂಜೆ ರಥೋತ್ಸವ ನಡೆಯಿತು. ಸಹಸ್ರಾರು ಭಕ್ತರು ಪಾಲ್ಗೊಂಡು ಉತ್ತತ್ತಿ, ಬಾಳೆಹಣ್ಣು ಎಸೆದು ಭಕ್ತಿ ಸಮರ್ಪಿಸಿದರು. ಡೊಳ್ಳು ಕುಣಿತ, ವಾದ್ಯ ಮೇಳಗಳು ಮೆರವಣಿಗೆಗೆ ಮೆರುಗು ನೀಡಿದವು. ಪುರವಂತರ ಒಡಪುಗಳು ಗಮನ ಸೆಳೆದವು. ಜಾತ್ರಾ ಮಹೋತ್ಸವದ ಅಂಗವಾಗಿ ಸಾಂಸ್ಕೃತಿಕ ಕಾರ್ಯಕ್ರಮಗಳು ನಡೆದವು. ದೇವಸ್ಥಾನ ಸಮಿತಿ ಪದಾಧಿಕಾರಿಗಳು, ಗ್ರಾಮದ ಹಿರಿಯರು ಉಪಸ್ಥಿತರಿದ್ದರು.
ಪಟ್ಟಣದ ಶ್ರೀ ವೀರಭದ್ರೇಶ್ವರ ಜಾತ್ರಾ ಮಹೋತ್ಸವ ವಿಜೃಂಭಣೆಯಿಂದ ಜರುಗಿತು. ಜಾತ್ರೆಯ ಅಂಗವಾಗಿ ದೇವರಿಗೆ ಬೆಳಿಗ್ಗೆ ರುದ್ರಾಭಿಷೇಕ, ವಿಶೇಷ ಪೂಜೆ ನೆರವೇರಿಸಲಾಯಿತು. ಸಂಜೆ ರಥೋತ್ಸವ ನಡೆಯಿತು. ಸಹಸ್ರಾರು ಭಕ್ತರು ಪಾಲ್ಗೊಂಡು ಉತ್ತತ್ತಿ, ಬಾಳೆಹಣ್ಣು ಎಸೆದು ಭಕ್ತಿ ಸಮರ್ಪಿಸಿದರು. ಡೊಳ್ಳು ಕುಣಿತ, ವಾದ್ಯ ಮೇಳಗಳು ಮೆರವಣಿಗೆಗೆ ಮೆರುಗು ನೀಡಿದವು. ಪುರವಂತರ ಒಡಪುಗಳು ಗಮನ ಸೆಳೆದವು. ಜಾತ್ರಾ ಮಹೋತ್ಸವದ ಅಂಗವಾಗಿ ಸಾಂಸ್ಕೃತಿಕ ಕಾರ್ಯಕ್ರಮಗಳು ನಡೆದವು. ದೇವಸ್ಥಾನ ಸಮಿತಿ ಪದಾಧಿಕಾರಿಗಳು, ಗ್ರಾಮದ ಹಿರಿಯರು ಉಪಸ್ಥಿತರಿದ್ದರು.
ಶಿಲಾಮಂಟಪ ಉದ್ಘಾಟನೆ ಇಂದು
ಹುನಗುಂದ: ಪಟ್ಟಣದ ಚಿತ್ತರಗಿ ವಿಜಯಮಹಾಂತೇಶ್ವರ ಸಂಸ್ಥಾನ ಮಠದಲ್ಲಿ ನಿರ್ಮಿಸಲಾಗಿರುವ ನೂತನ ಶಿಲಾಮಂಟಪದ ಉದ್ಘಾಟನಾ ಸಮಾರಂಭ ಇಂದು ಸಂಜೆ 4 ಗಂಟೆಗೆ ನಡೆಯಲಿದೆ. ವಿವಿಧ ಮಠಾಧೀಶರು ಸಾನ್ನಿಧ್ಯ ವಹಿಸಲಿದ್ದು ಗಣ್ಯರು ಭಾಗವಹಿಸಲಿದ್ದಾರೆ. ಶಿಲಾಮಂಟಪವನ್ನು ಭಕ್ತರ ದೇಣಿಗೆಯಿಂದ ನಿರ್ಮಿಸಲಾಗಿದ್ದು ಕಲಾತ್ಮಕ ಕೆತ್ತನೆ ಹೊಂದಿದೆ. ಕಾರ್ಯಕ್ರಮದ ಅಂಗವಾಗಿ ಧರ್ಮಸಭೆ, ಪ್ರಸಾದ ವಿತರಣೆ ಹಾಗೂ ಸಾಂಸ್ಕೃತಿಕ ಕಾರ್ಯಕ್ರಮಗಳನ್ನು ಹಮ್ಮಿಕೊಳ್ಳಲಾಗಿದೆ. ಭಕ್ತರು ಹೆಚ್ಚಿನ ಸಂಖ್ಯೆಯಲ್ಲಿ ಭಾಗವಹಿಸುವಂತೆ ಮಠದ ಆಡಳಿತ ಮಂಡಳಿ ಪ್ರಕಟಣೆಯಲ್ಲಿ ತಿಳಿಸಿದೆ.
